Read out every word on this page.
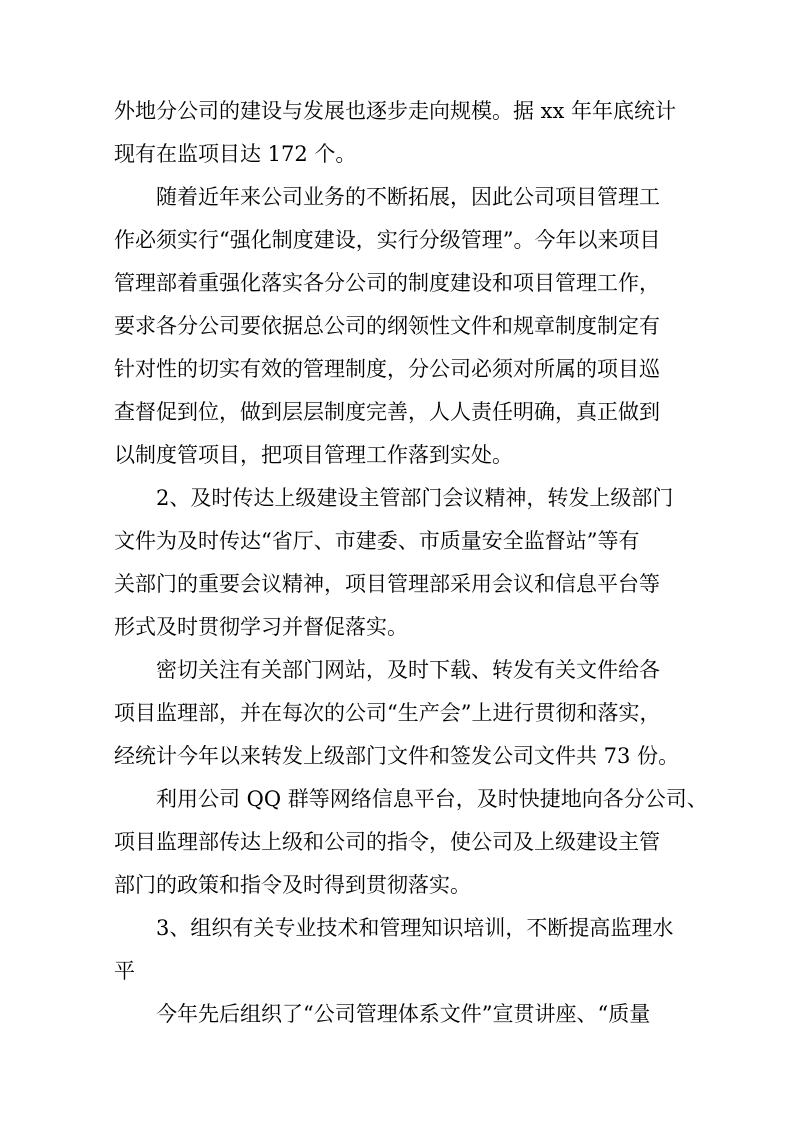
外地分公司的建设与发展也逐步走向规模。据 xx 年年底统计
现有在监项目达 172 个。
随着近年来公司业务的不断拓展，因此公司项目管理工
作必须实行“强化制度建设，实行分级管理”。今年以来项目
管理部着重强化落实各分公司的制度建设和项目管理工作，
要求各分公司要依据总公司的纲领性文件和规章制度制定有
针对性的切实有效的管理制度，分公司必须对所属的项目巡
查督促到位，做到层层制度完善，人人责任明确，真正做到
以制度管项目，把项目管理工作落到实处。
2、及时传达上级建设主管部门会议精神，转发上级部门
文件为及时传达“省厅、市建委、市质量安全监督站”等有
关部门的重要会议精神，项目管理部采用会议和信息平台等
形式及时贯彻学习并督促落实。
密切关注有关部门网站，及时下载、转发有关文件给各
项目监理部，并在每次的公司“生产会”上进行贯彻和落实，
经统计今年以来转发上级部门文件和签发公司文件共 73 份。
利用公司 QQ 群等网络信息平台，及时快捷地向各分公司、
项目监理部传达上级和公司的指令，使公司及上级建设主管
部门的政策和指令及时得到贯彻落实。
3、组织有关专业技术和管理知识培训，不断提高监理水
平
今年先后组织了“公司管理体系文件”宣贯讲座、“质量
